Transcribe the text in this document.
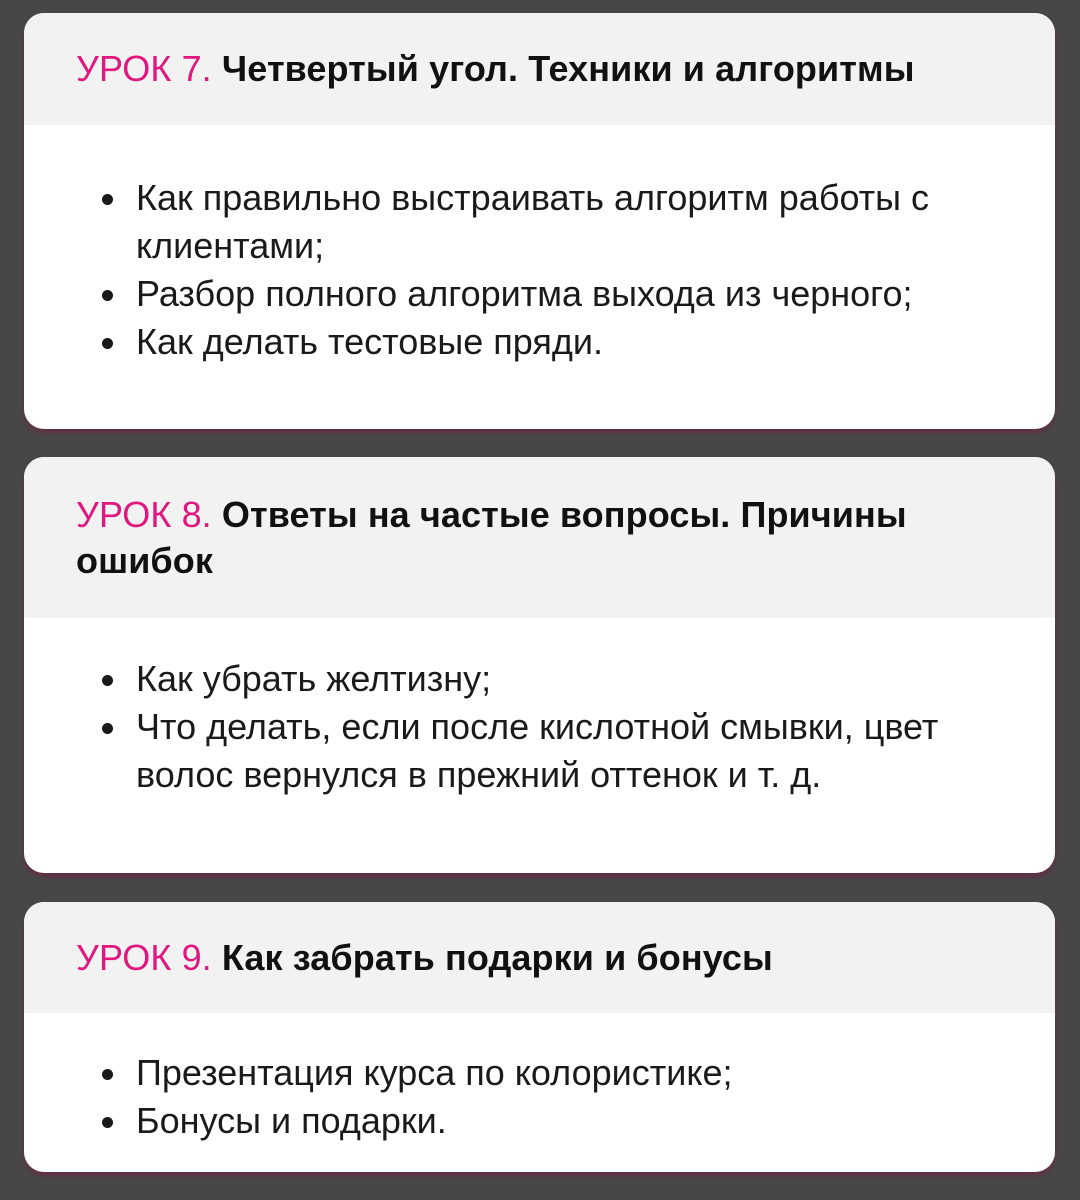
УРОК 7. Четвертый угол. Техники и алгоритмы
Как правильно выстраивать алгоритм работы с клиентами;
Разбор полного алгоритма выхода из черного;
Как делать тестовые пряди.
УРОК 8. Ответы на частые вопросы. Причины ошибок
Как убрать желтизну;
Что делать, если после кислотной смывки, цвет волос вернулся в прежний оттенок и т. д.
УРОК 9. Как забрать подарки и бонусы
Презентация курса по колористике;
Бонусы и подарки.
